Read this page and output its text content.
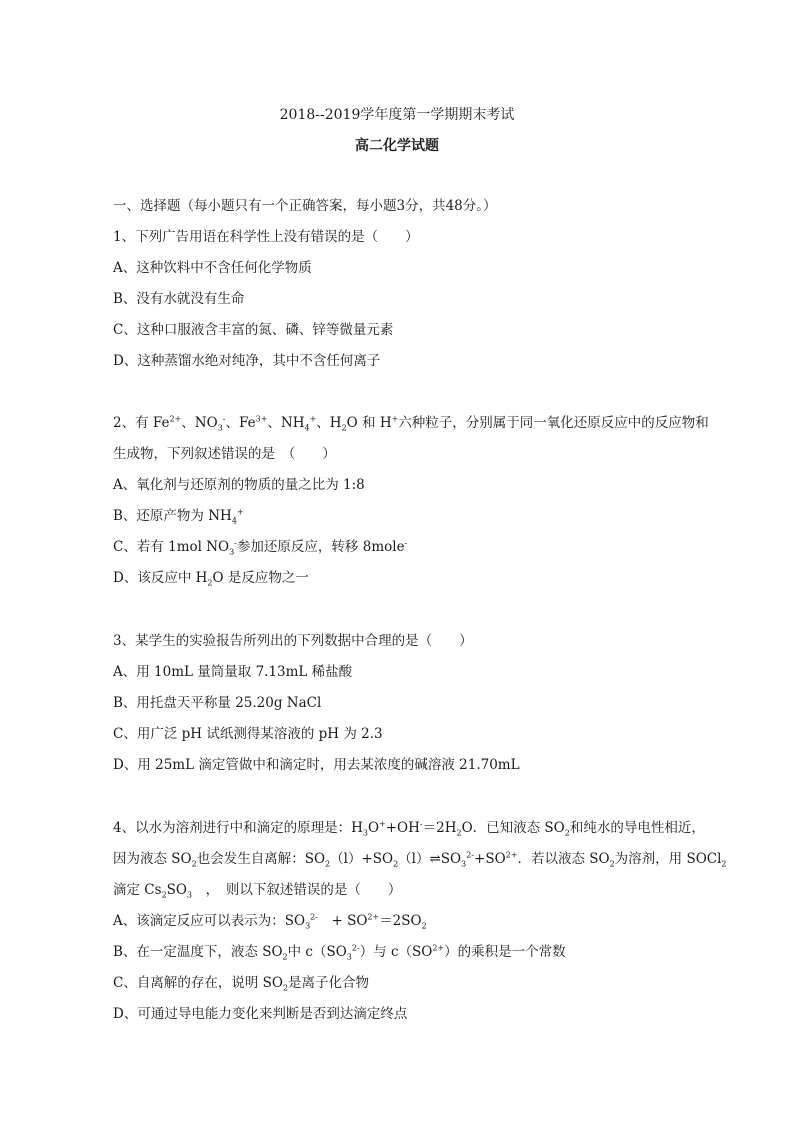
2018--2019学年度第一学期期末考试
高二化学试题
一、选择题（每小题只有一个正确答案，每小题3分，共48分。）
1、下列广告用语在科学性上没有错误的是（　　）
A、这种饮料中不含任何化学物质
B、没有水就没有生命
C、这种口服液含丰富的氮、磷、锌等微量元素
D、这种蒸馏水绝对纯净，其中不含任何离子
2、有 $Fe^{2+}$、$NO_3^-$、$Fe^{3+}$、$NH_4^+$、$H_2O$ 和 H+六种粒子，分别属于同一氧化还原反应中的反应物和
生成物，下列叙述错误的是　（　　）
A、氧化剂与还原剂的物质的量之比为 1:8
B、还原产物为 $NH_4^+$
C、若有 1mol $NO_3^-$参加还原反应，转移 8mole-
D、该反应中 $H_2O$ 是反应物之一
3、某学生的实验报告所列出的下列数据中合理的是（　　）
A、用 10mL 量筒量取 7.13mL 稀盐酸
B、用托盘天平称量 25.20g NaCl
C、用广泛 pH 试纸测得某溶液的 pH 为 2.3
D、用 25mL 滴定管做中和滴定时，用去某浓度的碱溶液 21.70mL
4、以水为溶剂进行中和滴定的原理是：$H_3O^++OH^-=2H_2O$．已知液态 $SO_2$和纯水的导电性相近，
因为液态 $SO_2$也会发生自离解：$SO_2(l)+SO_2(l)\rightleftharpoons SO_3^{2-}+SO^{2+}$．若以液态 $SO_2$为溶剂，用 SOCl$_2$
滴定 $Cs_2SO_3$　，　则以下叙述错误的是（　　）
A、该滴定反应可以表示为：$SO_3^{2-}$　+ $SO^{2+}=2SO_2$
B、在一定温度下，液态 $SO_2$中 $c(SO_3^{2-})$与 $c(SO^{2+})$的乘积是一个常数
C、自离解的存在，说明 $SO_2$是离子化合物
D、可通过导电能力变化来判断是否到达滴定终点
